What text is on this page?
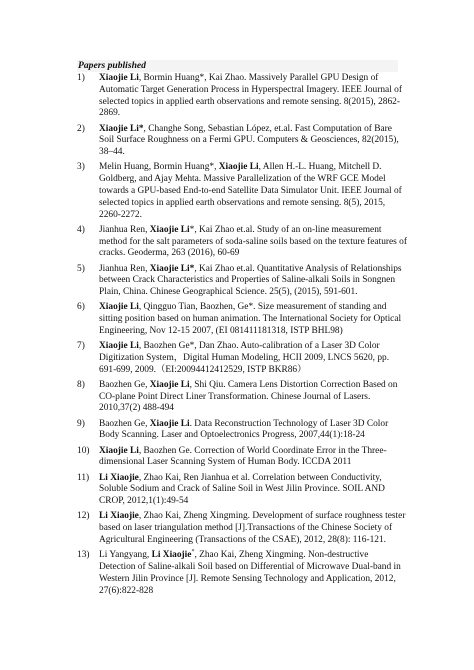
Papers published
1)	Xiaojie Li, Bormin Huang*, Kai Zhao. Massively Parallel GPU Design of Automatic Target Generation Process in Hyperspectral Imagery. IEEE Journal of selected topics in applied earth observations and remote sensing. 8(2015), 2862-2869.
2)	Xiaojie Li*, Changhe Song, Sebastian López, et.al. Fast Computation of Bare Soil Surface Roughness on a Fermi GPU. Computers & Geosciences, 82(2015), 38–44.
3)	Melin Huang, Bormin Huang*, Xiaojie Li, Allen H.-L. Huang, Mitchell D. Goldberg, and Ajay Mehta. Massive Parallelization of the WRF GCE Model towards a GPU-based End-to-end Satellite Data Simulator Unit. IEEE Journal of selected topics in applied earth observations and remote sensing. 8(5), 2015, 2260-2272.
4)	Jianhua Ren, Xiaojie Li*, Kai Zhao et.al. Study of an on-line measurement method for the salt parameters of soda-saline soils based on the texture features of cracks. Geoderma, 263 (2016), 60-69
5)	Jianhua Ren, Xiaojie Li*, Kai Zhao et.al. Quantitative Analysis of Relationships between Crack Characteristics and Properties of Saline-alkali Soils in Songnen Plain, China. Chinese Geographical Science. 25(5), (2015), 591-601.
6)	Xiaojie Li, Qingguo Tian, Baozhen, Ge*. Size measurement of standing and sitting position based on human animation. The International Society for Optical Engineering, Nov 12-15 2007, (EI 081411181318, ISTP BHL98)
7)	Xiaojie Li, Baozhen Ge*, Dan Zhao. Auto-calibration of a Laser 3D Color Digitization System，Digital Human Modeling, HCII 2009, LNCS 5620, pp. 691-699, 2009.（EI:20094412412529, ISTP BKR86）
8)	Baozhen Ge, Xiaojie Li, Shi Qiu. Camera Lens Distortion Correction Based on CO-plane Point Direct Liner Transformation. Chinese Journal of Lasers. 2010,37(2) 488-494
9)	Baozhen Ge, Xiaojie Li. Data Reconstruction Technology of Laser 3D Color Body Scanning. Laser and Optoelectronics Progress, 2007,44(1):18-24
10)	Xiaojie Li, Baozhen Ge. Correction of World Coordinate Error in the Three-dimensional Laser Scanning System of Human Body. ICCDA 2011
11)	Li Xiaojie, Zhao Kai, Ren Jianhua et al. Correlation between Conductivity, Soluble Sodium and Crack of Saline Soil in West Jilin Province. SOIL AND CROP, 2012,1(1):49-54
12)	Li Xiaojie, Zhao Kai, Zheng Xingming. Development of surface roughness tester based on laser triangulation method [J].Transactions of the Chinese Society of Agricultural Engineering (Transactions of the CSAE), 2012, 28(8): 116-121.
13)	Li Yangyang, Li Xiaojie*, Zhao Kai, Zheng Xingming. Non-destructive Detection of Saline-alkali Soil based on Differential of Microwave Dual-band in Western Jilin Province [J]. Remote Sensing Technology and Application, 2012, 27(6):822-828
